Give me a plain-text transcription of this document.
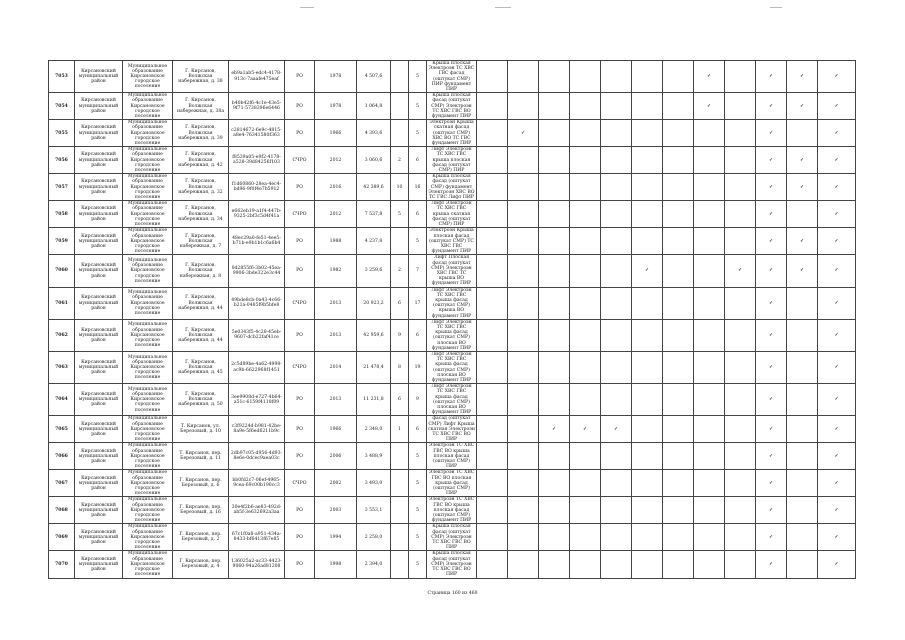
7053	Кирсановский муниципальный район	Муниципальное образование Кирсановское городское поселение	Г. Кирсанов, Волжская набережная, д. 38	eb9a1ab5-edc4-4178-913c-7aaafe475eaf	РО	1978	4 507,6		5	Крыша плоская Электроэн ТС ХВС ГВС фасад (оштукат СМР) ПИР фундамент ПИР								✓		✓	✓	✓
7054	Кирсановский муниципальный район	Муниципальное образование Кирсановское городское поселение	Г. Кирсанов, Волжская набережная, д. 38а	b40b42f6-4c1e-43e5-9f71-5738396e6446	РО	1978	1 064,8		5	Крыша плоская фасад (оштукат СМР) Электроэн ТС ХВС ГВС ВО фундамент ПИР								✓		✓	✓	✓
7055	Кирсановский муниципальный район	Муниципальное образование Кирсановское городское поселение	Г. Кирсанов, Волжская набережная, д. 39	c2814672-6e9c-4815-a8e4-76341580f363	РО	1966	4 393,6		5	Электроэн Крыша скатная фасад (оштукат СМР) ХВС ВО ТС ГВС фундамент ПИР		✓								✓		✓
7056	Кирсановский муниципальный район	Муниципальное образование Кирсановское городское поселение	Г. Кирсанов, Волжская набережная, д. 42	f8539a05-e9f2-4178-a528-39d84256f103	СЧРО	2012	3 060,6	2	6	Лифт Электроэн ТС ХВС ГВС крыша плоская фасад (оштукат СМР) ПИР										✓	✓	✓
7057	Кирсановский муниципальный район	Муниципальное образование Кирсановское городское поселение	Г. Кирсанов, Волжская набережная, д. 32	f1d60860-28ea-4ec4-bd96-9f0f4e7b5912	РО	2016	42 389,6	10	16	Крыша плоская фасад (оштукат СМР) фундамент Электроэн ХВС ВО ТС ГВС Лифт ПИР										✓	✓	✓
7058	Кирсановский муниципальный район	Муниципальное образование Кирсановское городское поселение	Г. Кирсанов, Волжская набережная, д. 34	e662eb19-a1f4-447b-9325-2bf3c5d4f41a	СЧРО	2012	7 537,8	5	6	Лифт Электроэн ТС ХВС ГВС крыша скатная фасад (оштукат СМР) ПИР										✓		✓
7059	Кирсановский муниципальный район	Муниципальное образование Кирсановское городское поселение	Г. Кирсанов, Волжская набережная, д. 7	48ec29a0-fe51-4ee5-b71b-e9b1b1c6a6b4	РО	1988	4 237,8		5	Электроэн Крыша плоская фасад (оштукат СМР) ТС ХВС ГВС фундамент ПИР										✓	✓	✓
7060	Кирсановский муниципальный район	Муниципальное образование Кирсановское городское поселение	Г. Кирсанов, Волжская набережная, д. 8	0d2855f6-3b02-45ea-9906-3bde322e3c44	РО	1982	3 259,6	2	7	Лифт Плоская фасад (оштукат СМР) Электроэн ХВС ГВС ТС крыша ВО фундамент ПИР						✓			✓	✓	✓	✓
7061	Кирсановский муниципальный район	Муниципальное образование Кирсановское городское поселение	Г. Кирсанов, Волжская набережная, д. 44	49bde8cb-0a43-4c66-b21a-0485f9b5bfe8	СЧРО	2013	20 923,2	6	17	Лифт Электроэн ТС ХВС ГВС крыша фасад (оштукат СМР) крыша ВО фундамент ПИР										✓		✓
7062	Кирсановский муниципальный район	Муниципальное образование Кирсановское городское поселение	Г. Кирсанов, Волжская набережная, д. 44	5e0343f5-4c28-45eb-9607-dcb22faf41ce	РО	2013	42 959,6	9	6	Лифт Электроэн ТС ХВС ГВС крыша фасад (оштукат СМР) плоская ВО фундамент ПИР										✓		✓
7063	Кирсановский муниципальный район	Муниципальное образование Кирсановское городское поселение	Г. Кирсанов, Волжская набережная, д. 45	2c5d89be-4a62-4998-ac9b-6622968f1451	СЧРО	2014	21 478,4	8	19	Лифт Электроэн ТС ХВС ГВС крыша фасад (оштукат СМР) плоская ВО фундамент ПИР										✓		✓
7064	Кирсановский муниципальный район	Муниципальное образование Кирсановское городское поселение	Г. Кирсанов, Волжская набережная, д. 50	3ee9908d-e727-4b64-a51c-6159f4118f09	РО	2013	11 231,8	6	9	Лифт Электроэн ТС ХВС ГВС крыша фасад (оштукат СМР) плоская ВО фундамент ПИР										✓		✓
7065	Кирсановский муниципальный район	Муниципальное образование Кирсановское городское поселение	Т. Кирсанов, ул. Березовый, д. 10	c3f9224d-b981-42be-8a9e-5f6ed6211b9c	РО	1966	2 348,0	1	6	фасад (оштукат СМР) Лифт Крыша скатная Электроэн ТС ХВС ГВС ВО ПИР			✓	✓	✓					✓		✓
7066	Кирсановский муниципальный район	Муниципальное образование Кирсановское городское поселение	Т. Кирсанов, пер. Березовый, д. 11	2db97c05-d956-4d93-8e6e-0dcec9aea03c	РО	2006	3 488,9		5	Электроэн ТС ХВС ГВС ВО крыша плоская фасад (оштукат СМР) ПИР										✓		✓
7067	Кирсановский муниципальный район	Муниципальное образование Кирсановское городское поселение	Г. Кирсанов, пер. Березовый, д. 6	bb0fd2c7-06ef-4965-9cea-69c00b190cc3	СЧРО	2002	3 493,0		5	Электроэн ТС ХВС ГВС ВО плоская крыша фасад (оштукат СМР) ПИР										✓		✓
7068	Кирсановский муниципальный район	Муниципальное образование Кирсановское городское поселение	Г. Кирсанов, пер. Березовый, д. 16	30e4f2b6-ae83-492d-ab5f-3e632692a3aa	РО	2003	3 553,1		5	Электроэн ТС ХВС ГВС ВО крыша плоская фасад (оштукат СМР) фундамент ПИР										✓		✓
7069	Кирсановский муниципальный район	Муниципальное образование Кирсановское городское поселение	Г. Кирсанов, пер. Березовый, д. 2	67c1f0a8-a951-434a-8433-bf6413f67e85	РО	1994	2 258,0		5	Крыша плоская фасад (оштукат СМР) Электроэн ТС ХВС ГВС ВО ПИР										✓		✓
7070	Кирсановский муниципальный район	Муниципальное образование Кирсановское городское поселение	Г. Кирсанов, пер. Березовый, д. 4	136025a2-ac33-4423-9060-94a26ad81208	РО	1998	2 394,0		5	Крыша плоская фасад (оштукат СМР) Электроэн ТС ХВС ГВС ВО ПИР										✓		✓
Страница 160 из 460
